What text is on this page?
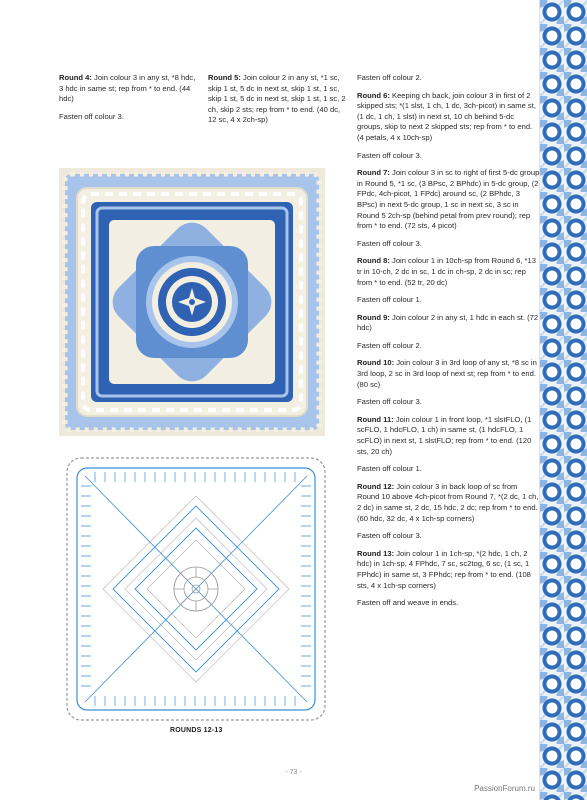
Round 4: Join colour 3 in any st, *8 hdc, 3 hdc in same st; rep from * to end. (44 hdc)

Fasten off colour 3.

Round 5: Join colour 2 in any st, *1 sc, skip 1 st, 5 dc in next st, skip 1 st, 1 sc, skip 1 st, 5 dc in next st, skip 1 st, 1 sc, 2 ch, skip 2 sts; rep from * to end. (40 dc, 12 sc, 4 x 2ch-sp)

Fasten off colour 2.

Round 6: Keeping ch back, join colour 3 in first of 2 skipped sts; *(1 slst, 1 ch, 1 dc, 3ch-picot) in same st, (1 dc, 1 ch, 1 slst) in next st, 10 ch behind 5-dc groups, skip to next 2 skipped sts; rep from * to end. (4 petals, 4 x 10ch-sp)

Fasten off colour 3.

Round 7: Join colour 3 in sc to right of first 5-dc group in Round 5, *1 sc, (3 BPsc, 2 BPhdc) in 5-dc group, (2 FPdc, 4ch-picot, 1 FPdc) around sc, (2 BPhdc, 3 BPsc) in next 5-dc group, 1 sc in next sc, 3 sc in Round 5 2ch-sp (behind petal from prev round); rep from * to end. (72 sts, 4 picot)

Fasten off colour 3.

Round 8: Join colour 1 in 10ch-sp from Round 6, *13 tr in 10-ch, 2 dc in sc, 1 dc in ch-sp, 2 dc in sc; rep from * to end. (52 tr, 20 dc)

Fasten off colour 1.

Round 9: Join colour 2 in any st, 1 hdc in each st. (72 hdc)

Fasten off colour 2.

Round 10: Join colour 3 in 3rd loop of any st, *8 sc in 3rd loop, 2 sc in 3rd loop of next st; rep from * to end. (80 sc)

Fasten off colour 3.

Round 11: Join colour 1 in front loop, *1 slstFLO, (1 scFLO, 1 hdcFLO, 1 ch) in same st, (1 hdcFLO, 1 scFLO) in next st, 1 slstFLO; rep from * to end. (120 sts, 20 ch)

Fasten off colour 1.

Round 12: Join colour 3 in back loop of sc from Round 10 above 4ch-picot from Round 7, *(2 dc, 1 ch, 2 dc) in same st, 2 dc, 15 hdc, 2 dc; rep from * to end. (60 hdc, 32 dc, 4 x 1ch-sp corners)

Fasten off colour 3.

Round 13: Join colour 1 in 1ch-sp, *(2 hdc, 1 ch, 2 hdc) in 1ch-sp, 4 FPhdc, 7 sc, sc2tog, 6 sc, (1 sc, 1 FPhdc) in same st, 3 FPhdc; rep from * to end. (108 sts, 4 x 1ch-sp corners)

Fasten off and weave in ends.

ROUNDS 12-13
- 73 -
PassionForum.ru
